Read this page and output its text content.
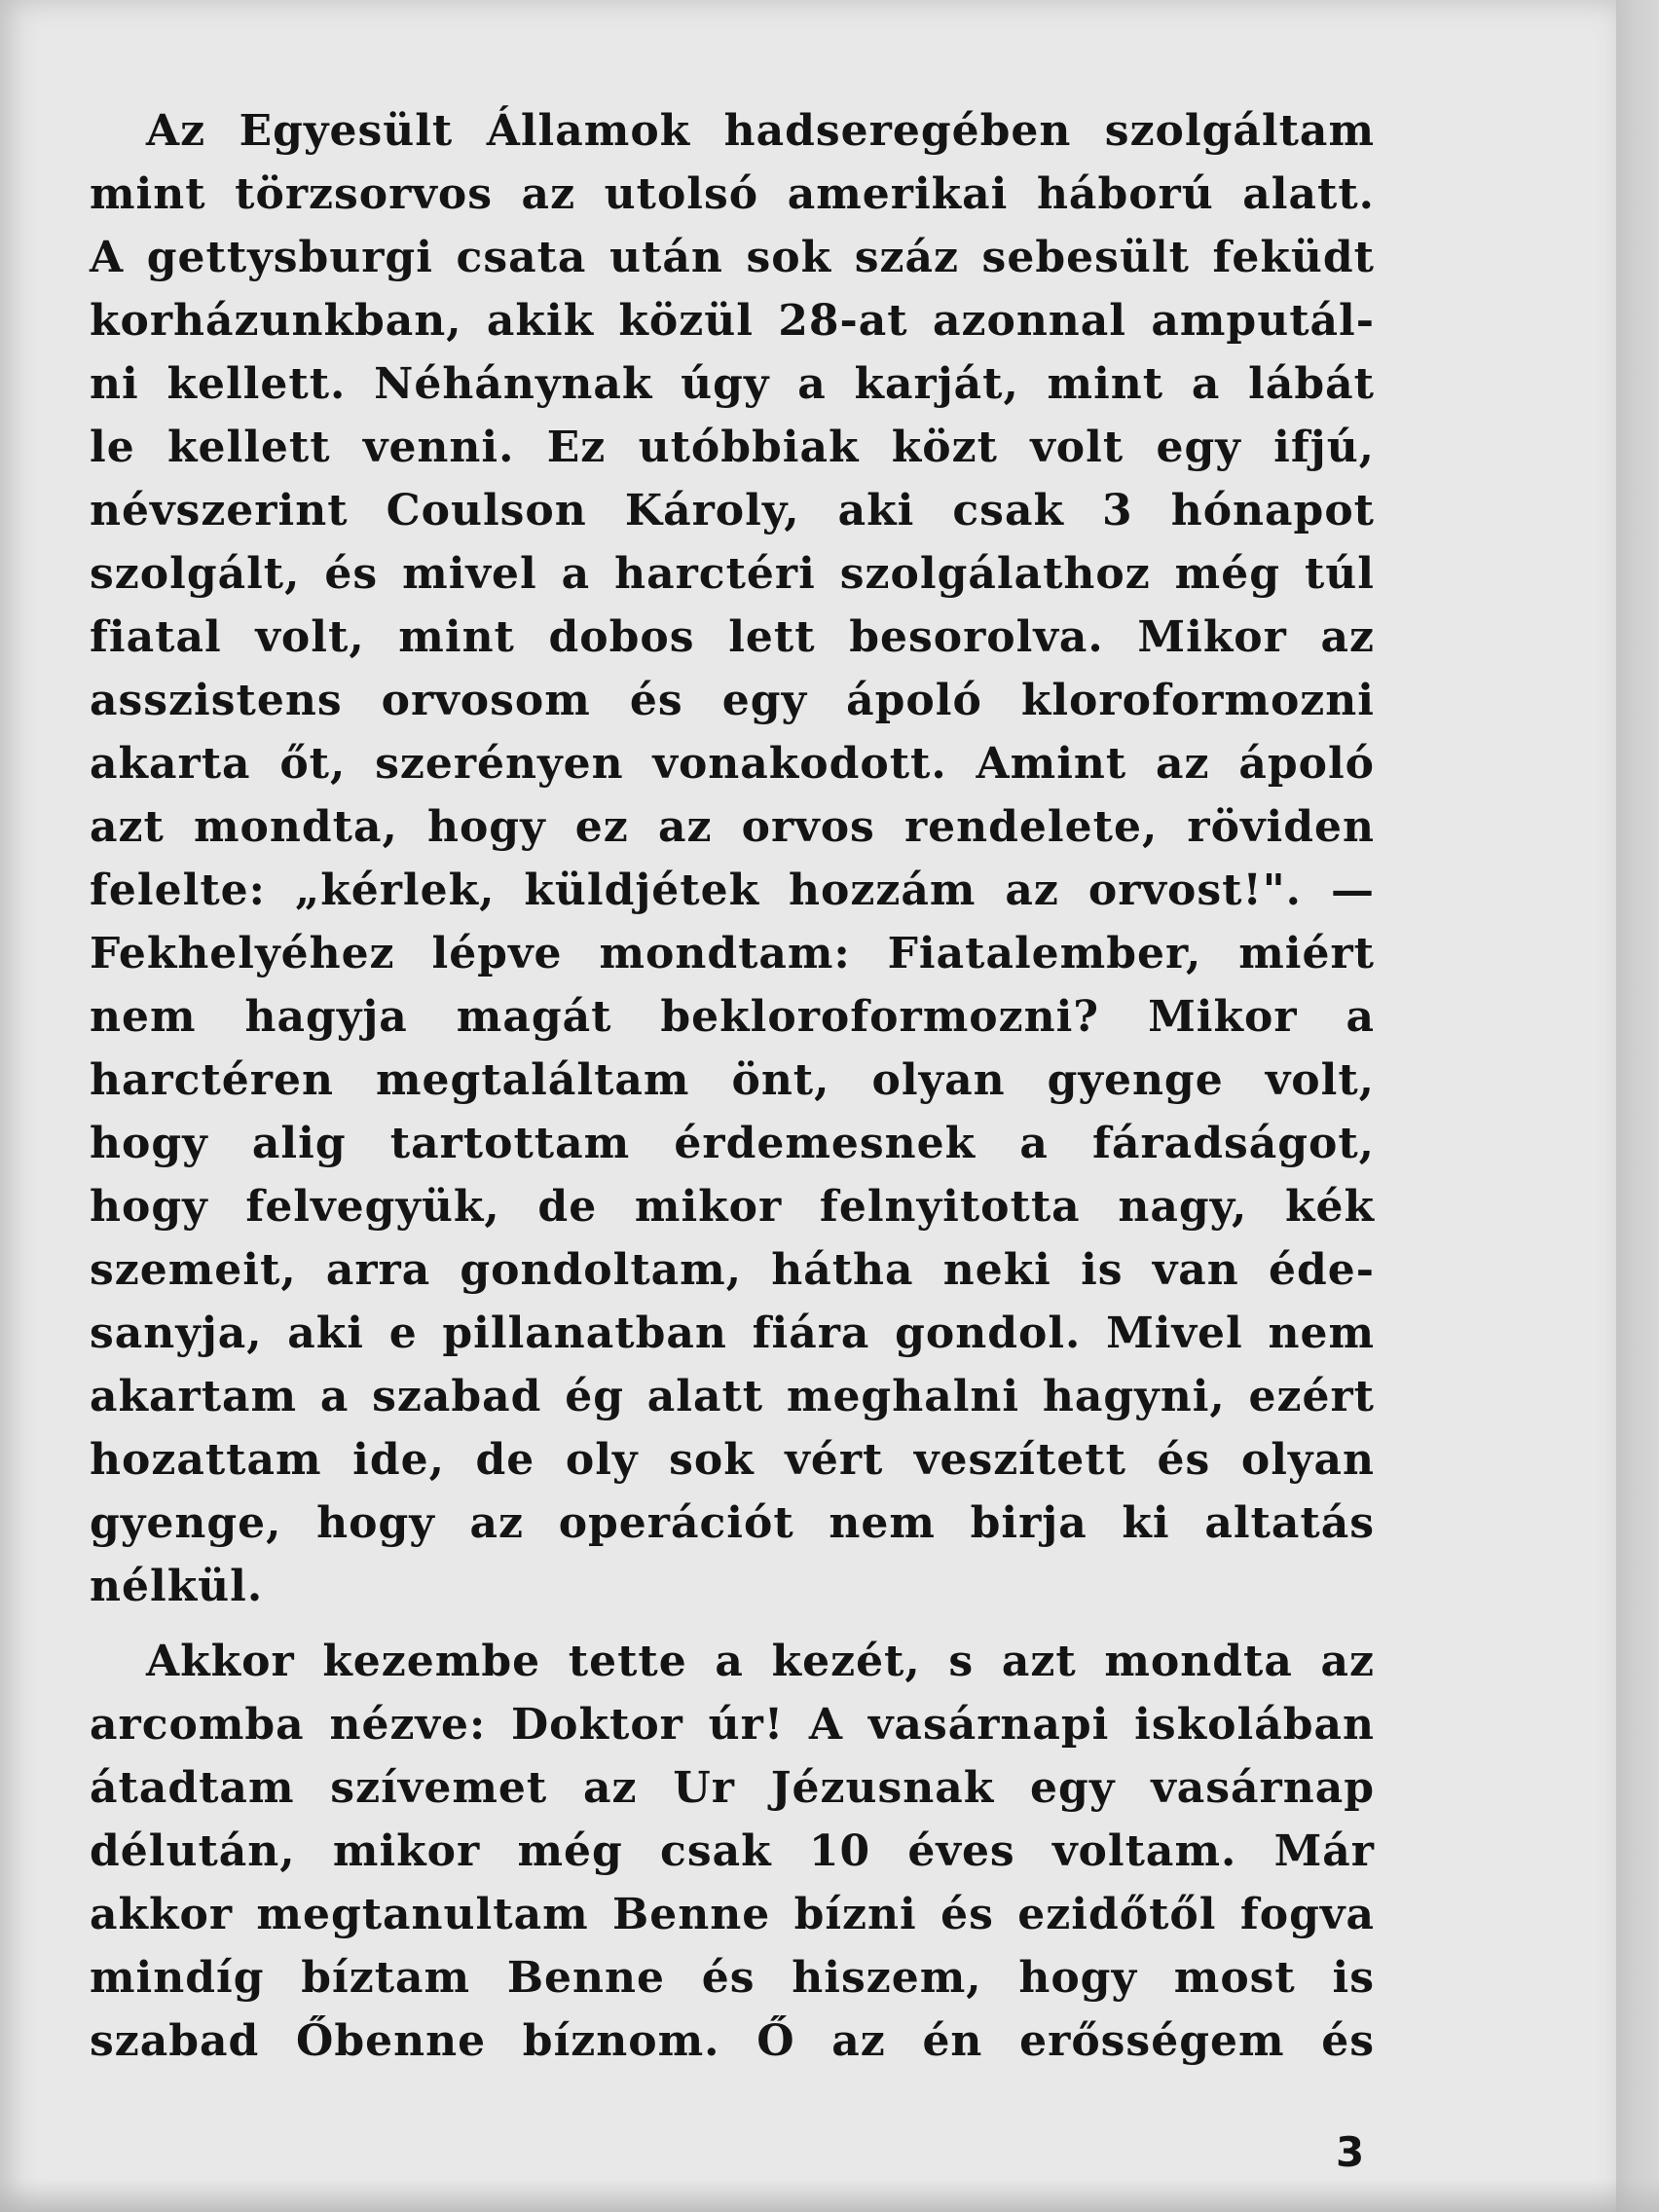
Az Egyesült Államok hadseregében szolgáltam
mint törzsorvos az utolsó amerikai háború alatt.
A gettysburgi csata után sok száz sebesült feküdt
korházunkban, akik közül 28-at azonnal amputál-
ni kellett. Néhánynak úgy a karját, mint a lábát
le kellett venni. Ez utóbbiak közt volt egy ifjú,
névszerint Coulson Károly, aki csak 3 hónapot
szolgált, és mivel a harctéri szolgálathoz még túl
fiatal volt, mint dobos lett besorolva. Mikor az
asszistens orvosom és egy ápoló kloroformozni
akarta őt, szerényen vonakodott. Amint az ápoló
azt mondta, hogy ez az orvos rendelete, röviden
felelte: „kérlek, küldjétek hozzám az orvost!". —
Fekhelyéhez lépve mondtam: Fiatalember, miért
nem hagyja magát bekloroformozni? Mikor a
harctéren megtaláltam önt, olyan gyenge volt,
hogy alig tartottam érdemesnek a fáradságot,
hogy felvegyük, de mikor felnyitotta nagy, kék
szemeit, arra gondoltam, hátha neki is van éde-
sanyja, aki e pillanatban fiára gondol. Mivel nem
akartam a szabad ég alatt meghalni hagyni, ezért
hozattam ide, de oly sok vért veszített és olyan
gyenge, hogy az operációt nem birja ki altatás
nélkül.
Akkor kezembe tette a kezét, s azt mondta az
arcomba nézve: Doktor úr! A vasárnapi iskolában
átadtam szívemet az Ur Jézusnak egy vasárnap
délután, mikor még csak 10 éves voltam. Már
akkor megtanultam Benne bízni és ezidőtől fogva
mindíg bíztam Benne és hiszem, hogy most is
szabad Őbenne bíznom. Ő az én erősségem és
3
